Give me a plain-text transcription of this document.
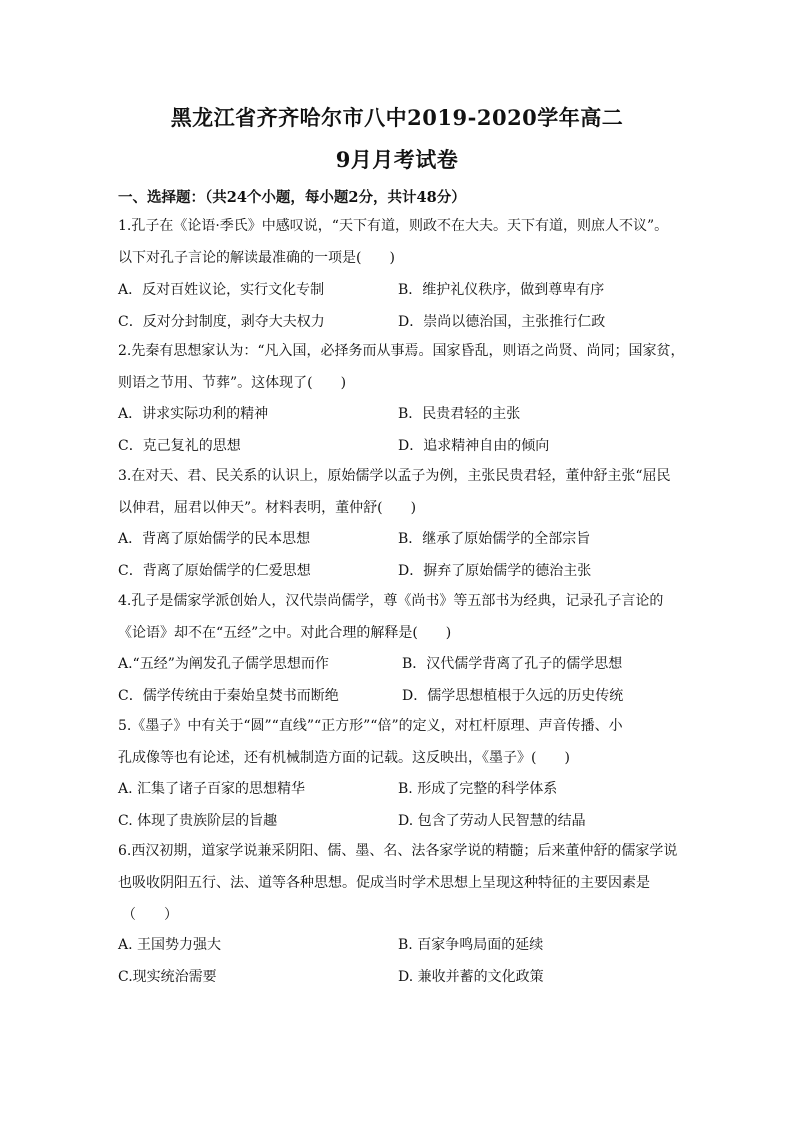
黑龙江省齐齐哈尔市八中2019-2020学年高二
9月月考试卷

一、选择题：（共24个小题，每小题2分，共计48分）

1.孔子在《论语·季氏》中感叹说，“天下有道，则政不在大夫。天下有道，则庶人不议”。
以下对孔子言论的解读最准确的一项是(　　)
A．反对百姓议论，实行文化专制	B．维护礼仪秩序，做到尊卑有序
C．反对分封制度，剥夺大夫权力	D．崇尚以德治国，主张推行仁政
2.先秦有思想家认为：“凡入国，必择务而从事焉。国家昏乱，则语之尚贤、尚同；国家贫，
则语之节用、节葬”。这体现了(　　)
A．讲求实际功利的精神	B．民贵君轻的主张
C．克己复礼的思想	D．追求精神自由的倾向
3.在对天、君、民关系的认识上，原始儒学以孟子为例，主张民贵君轻，董仲舒主张“屈民
以伸君，屈君以伸天”。材料表明，董仲舒(　　)
A．背离了原始儒学的民本思想	B．继承了原始儒学的全部宗旨
C．背离了原始儒学的仁爱思想	D．摒弃了原始儒学的德治主张
4.孔子是儒家学派创始人，汉代崇尚儒学，尊《尚书》等五部书为经典，记录孔子言论的
《论语》却不在“五经”之中。对此合理的解释是(　　)
A.“五经”为阐发孔子儒学思想而作	B．汉代儒学背离了孔子的儒学思想
C．儒学传统由于秦始皇焚书而断绝	D．儒学思想植根于久远的历史传统
5.《墨子》中有关于“圆”“直线”“正方形”“倍”的定义，对杠杆原理、声音传播、小
孔成像等也有论述，还有机械制造方面的记载。这反映出，《墨子》(　　)
A. 汇集了诸子百家的思想精华	B. 形成了完整的科学体系
C. 体现了贵族阶层的旨趣	D. 包含了劳动人民智慧的结晶
6.西汉初期，道家学说兼采阴阳、儒、墨、名、法各家学说的精髓；后来董仲舒的儒家学说
也吸收阴阳五行、法、道等各种思想。促成当时学术思想上呈现这种特征的主要因素是
（　　）
A. 王国势力强大	B. 百家争鸣局面的延续
C.现实统治需要	D. 兼收并蓄的文化政策
